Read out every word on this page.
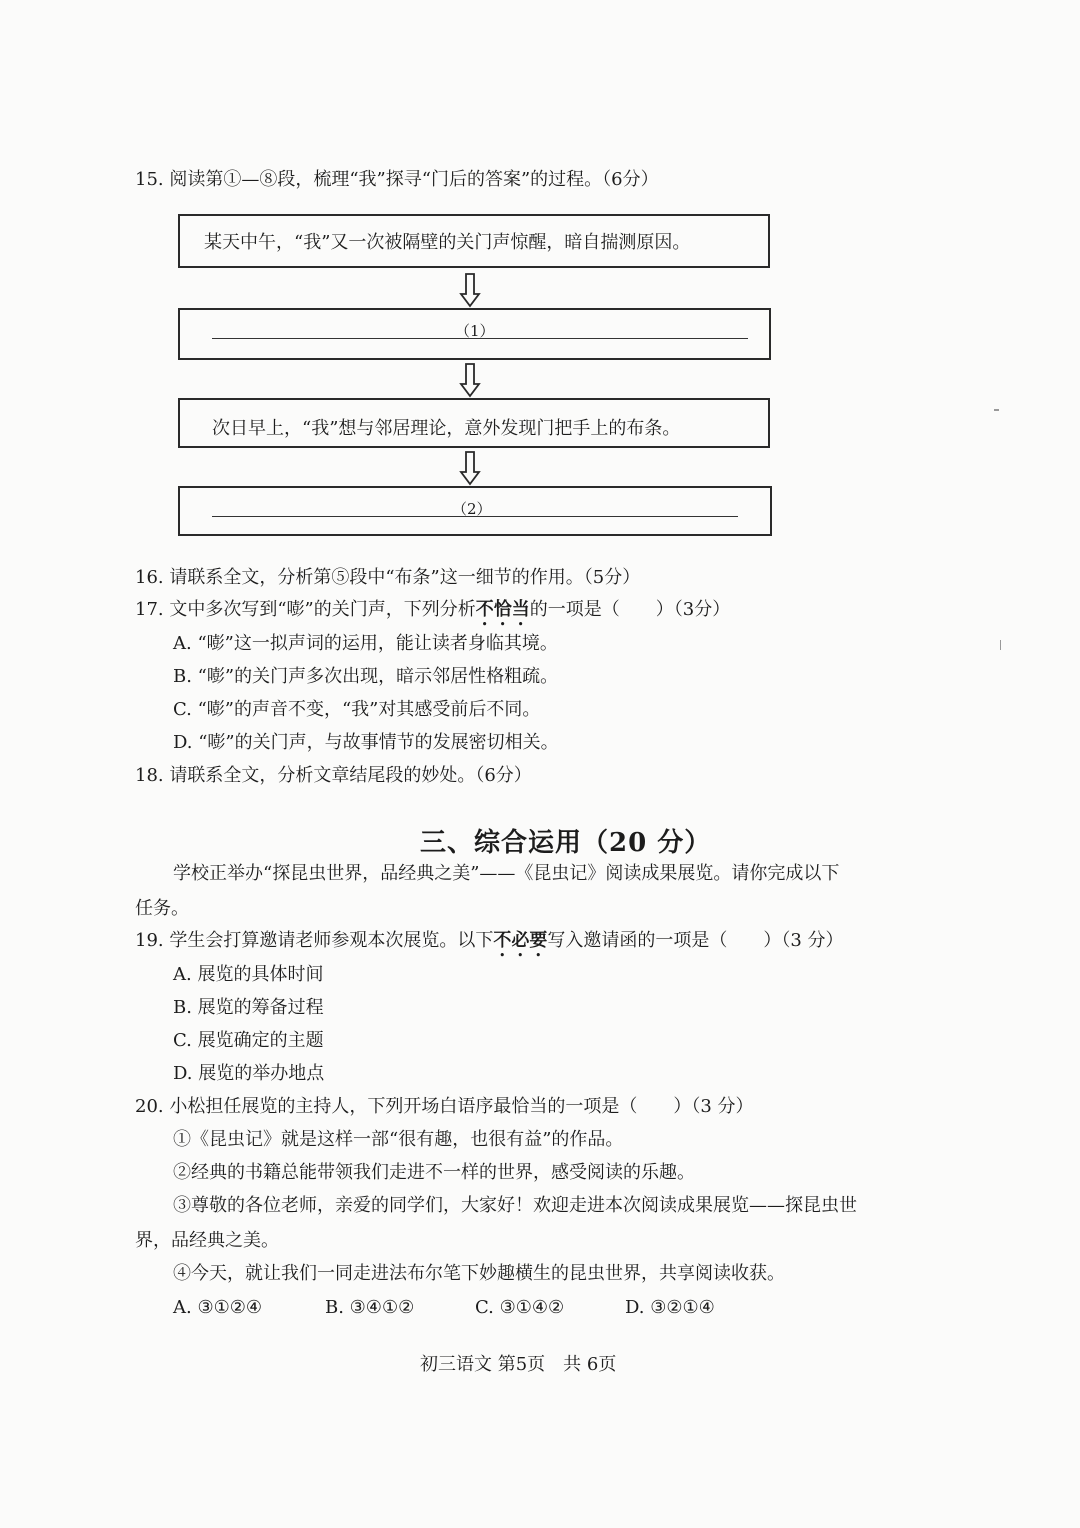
15. 阅读第①—⑧段，梳理“我”探寻“门后的答案”的过程。（6分）
某天中午，“我”又一次被隔壁的关门声惊醒，暗自揣测原因。
（1）
次日早上，“我”想与邻居理论，意外发现门把手上的布条。
（2）
16. 请联系全文，分析第⑤段中“布条”这一细节的作用。（5分）
17. 文中多次写到“嘭”的关门声，下列分析不恰当的一项是（　　）（3分）
A. “嘭”这一拟声词的运用，能让读者身临其境。
B. “嘭”的关门声多次出现，暗示邻居性格粗疏。
C. “嘭”的声音不变，“我”对其感受前后不同。
D. “嘭”的关门声，与故事情节的发展密切相关。
18. 请联系全文，分析文章结尾段的妙处。（6分）
三、综合运用（20 分）
学校正举办“探昆虫世界，品经典之美”——《昆虫记》阅读成果展览。请你完成以下
任务。
19. 学生会打算邀请老师参观本次展览。以下不必要写入邀请函的一项是（　　）（3 分）
A. 展览的具体时间
B. 展览的筹备过程
C. 展览确定的主题
D. 展览的举办地点
20. 小松担任展览的主持人，下列开场白语序最恰当的一项是（　　）（3 分）
①《昆虫记》就是这样一部“很有趣，也很有益”的作品。
②经典的书籍总能带领我们走进不一样的世界，感受阅读的乐趣。
③尊敬的各位老师，亲爱的同学们，大家好！欢迎走进本次阅读成果展览——探昆虫世
界，品经典之美。
④今天，就让我们一同走进法布尔笔下妙趣横生的昆虫世界，共享阅读收获。
A. ③①②④	B. ③④①②	C. ③①④②	D. ③②①④
初三语文 第5页　共 6页
